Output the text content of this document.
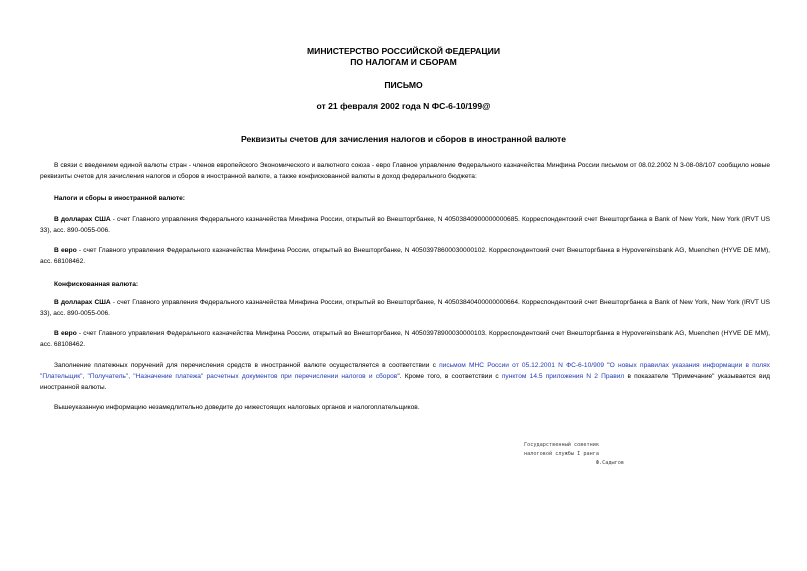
МИНИСТЕРСТВО РОССИЙСКОЙ ФЕДЕРАЦИИ
ПО НАЛОГАМ И СБОРАМ
ПИСЬМО
от 21 февраля 2002 года N ФС-6-10/199@
Реквизиты счетов для зачисления налогов и сборов в иностранной валюте
В связи с введением единой валюты стран - членов европейского Экономического и валютного союза - евро Главное управление Федерального казначейства Минфина России письмом от 08.02.2002 N 3-08-08/107 сообщило новые реквизиты счетов для зачисления налогов и сборов в иностранной валюте, а также конфискованной валюты в доход федерального бюджета:
Налоги и сборы в иностранной валюте:
В долларах США - счет Главного управления Федерального казначейства Минфина России, открытый во Внешторгбанке, N 40503840900000000685. Корреспондентский счет Внешторгбанка в Bank of New York, New York (IRVT US 33), acc. 890-0055-006.
В евро - счет Главного управления Федерального казначейства Минфина России, открытый во Внешторгбанке, N 40503978600030000102. Корреспондентский счет Внешторгбанка в Hypovereinsbank AG, Muenchen (HYVE DE MM), acc. 68108462.
Конфискованная валюта:
В долларах США - счет Главного управления Федерального казначейства Минфина России, открытый во Внешторгбанке, N 40503840400000000664. Корреспондентский счет Внешторгбанка в Bank of New York, New York (IRVT US 33), acc. 890-0055-006.
В евро - счет Главного управления Федерального казначейства Минфина России, открытый во Внешторгбанке, N 40503978900030000103. Корреспондентский счет Внешторгбанка в Hypovereinsbank AG, Muenchen (HYVE DE MM), acc. 68108462.
Заполнение платежных поручений для перечисления средств в иностранной валюте осуществляется в соответствии с письмом МНС России от 05.12.2001 N ФС-6-10/909 "О новых правилах указания информации в полях "Плательщик", "Получатель", "Назначение платежа" расчетных документов при перечислении налогов и сборов". Кроме того, в соответствии с пунктом 14.5 приложения N 2 Правил в показателе "Примечание" указывается вид иностранной валюты.
Вышеуказанную информацию незамедлительно доведите до нижестоящих налоговых органов и налогоплательщиков.
Государственный советник
налоговой службы I ранга
Ф.Садыгов
